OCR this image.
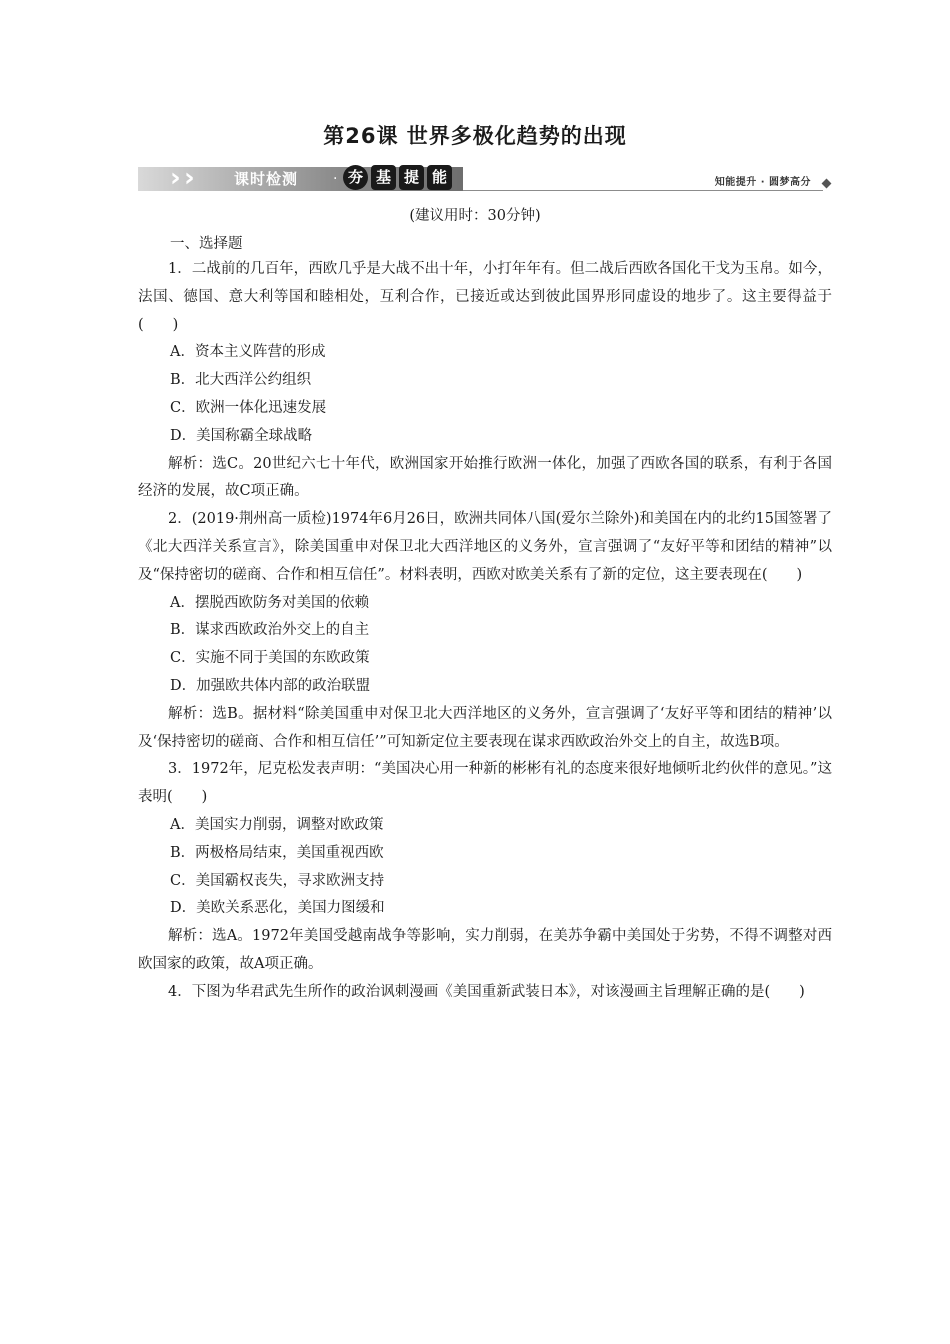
第26课 世界多极化趋势的出现
› ›	课时检测 · 夯 基 提 能	知能提升 · 圆梦高分
(建议用时：30分钟)
一、选择题

1．二战前的几百年，西欧几乎是大战不出十年，小打年年有。但二战后西欧各国化干戈为玉帛。如今，法国、德国、意大利等国和睦相处，互利合作，已接近或达到彼此国界形同虚设的地步了。这主要得益于(　　)

A．资本主义阵营的形成

B．北大西洋公约组织

C．欧洲一体化迅速发展

D．美国称霸全球战略

解析：选C。20世纪六七十年代，欧洲国家开始推行欧洲一体化，加强了西欧各国的联系，有利于各国经济的发展，故C项正确。

2．(2019·荆州高一质检)1974年6月26日，欧洲共同体八国(爱尔兰除外)和美国在内的北约15国签署了《北大西洋关系宣言》，除美国重申对保卫北大西洋地区的义务外，宣言强调了“友好平等和团结的精神”以及“保持密切的磋商、合作和相互信任”。材料表明，西欧对欧美关系有了新的定位，这主要表现在(　　)

A．摆脱西欧防务对美国的依赖

B．谋求西欧政治外交上的自主

C．实施不同于美国的东欧政策

D．加强欧共体内部的政治联盟

解析：选B。据材料“除美国重申对保卫北大西洋地区的义务外，宣言强调了‘友好平等和团结的精神’以及‘保持密切的磋商、合作和相互信任’”可知新定位主要表现在谋求西欧政治外交上的自主，故选B项。

3．1972年，尼克松发表声明：“美国决心用一种新的彬彬有礼的态度来很好地倾听北约伙伴的意见。”这表明(　　)

A．美国实力削弱，调整对欧政策

B．两极格局结束，美国重视西欧

C．美国霸权丧失，寻求欧洲支持

D．美欧关系恶化，美国力图缓和

解析：选A。1972年美国受越南战争等影响，实力削弱，在美苏争霸中美国处于劣势，不得不调整对西欧国家的政策，故A项正确。

4．下图为华君武先生所作的政治讽刺漫画《美国重新武装日本》，对该漫画主旨理解正确的是(　　)
